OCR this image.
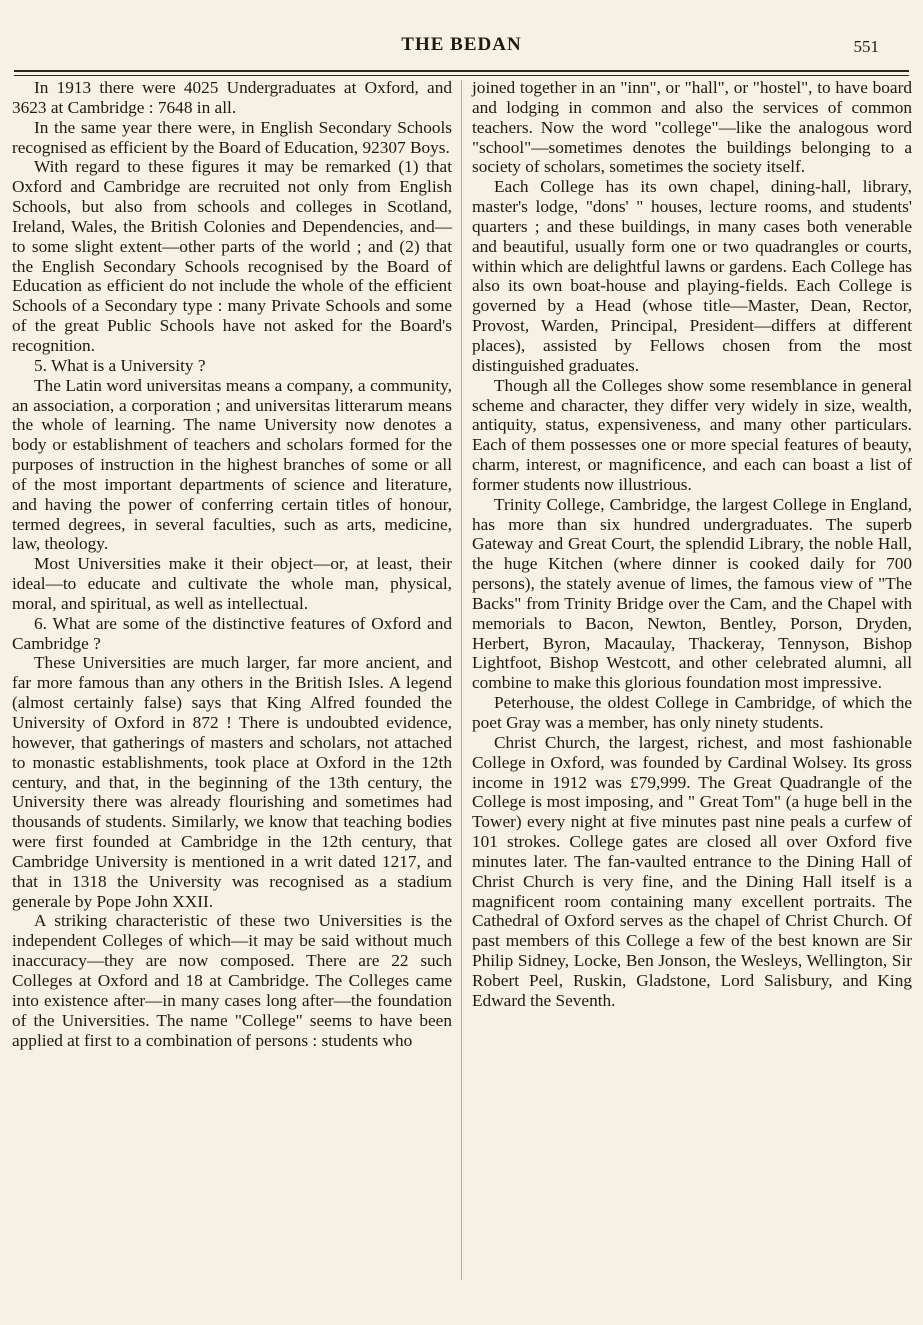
THE BEDAN	551

In 1913 there were 4025 Undergraduates at Oxford, and 3623 at Cambridge : 7648 in all.

In the same year there were, in English Secondary Schools recognised as efficient by the Board of Education, 92307 Boys.

With regard to these figures it may be remarked (1) that Oxford and Cambridge are recruited not only from English Schools, but also from schools and colleges in Scotland, Ireland, Wales, the British Colonies and Dependencies, and—to some slight extent—other parts of the world ; and (2) that the English Secondary Schools recognised by the Board of Education as efficient do not include the whole of the efficient Schools of a Secondary type : many Private Schools and some of the great Public Schools have not asked for the Board's recognition.

5. What is a University ?

The Latin word universitas means a company, a community, an association, a corporation ; and universitas litterarum means the whole of learning. The name University now denotes a body or establishment of teachers and scholars formed for the purposes of instruction in the highest branches of some or all of the most important departments of science and literature, and having the power of conferring certain titles of honour, termed degrees, in several faculties, such as arts, medicine, law, theology.

Most Universities make it their object—or, at least, their ideal—to educate and cultivate the whole man, physical, moral, and spiritual, as well as intellectual.

6. What are some of the distinctive features of Oxford and Cambridge ?

These Universities are much larger, far more ancient, and far more famous than any others in the British Isles. A legend (almost certainly false) says that King Alfred founded the University of Oxford in 872 ! There is undoubted evidence, however, that gatherings of masters and scholars, not attached to monastic establishments, took place at Oxford in the 12th century, and that, in the beginning of the 13th century, the University there was already flourishing and sometimes had thousands of students. Similarly, we know that teaching bodies were first founded at Cambridge in the 12th century, that Cambridge University is mentioned in a writ dated 1217, and that in 1318 the University was recognised as a stadium generale by Pope John XXII.

A striking characteristic of these two Universities is the independent Colleges of which—it may be said without much inaccuracy—they are now composed. There are 22 such Colleges at Oxford and 18 at Cambridge. The Colleges came into existence after—in many cases long after—the foundation of the Universities. The name "College" seems to have been applied at first to a combination of persons : students who

joined together in an "inn", or "hall", or "hostel", to have board and lodging in common and also the services of common teachers. Now the word "college"—like the analogous word "school"—sometimes denotes the buildings belonging to a society of scholars, sometimes the society itself.

Each College has its own chapel, dining-hall, library, master's lodge, "dons' " houses, lecture rooms, and students' quarters ; and these buildings, in many cases both venerable and beautiful, usually form one or two quadrangles or courts, within which are delightful lawns or gardens. Each College has also its own boat-house and playing-fields. Each College is governed by a Head (whose title—Master, Dean, Rector, Provost, Warden, Principal, President—differs at different places), assisted by Fellows chosen from the most distinguished graduates.

Though all the Colleges show some resemblance in general scheme and character, they differ very widely in size, wealth, antiquity, status, expensiveness, and many other particulars. Each of them possesses one or more special features of beauty, charm, interest, or magnificence, and each can boast a list of former students now illustrious.

Trinity College, Cambridge, the largest College in England, has more than six hundred undergraduates. The superb Gateway and Great Court, the splendid Library, the noble Hall, the huge Kitchen (where dinner is cooked daily for 700 persons), the stately avenue of limes, the famous view of "The Backs" from Trinity Bridge over the Cam, and the Chapel with memorials to Bacon, Newton, Bentley, Porson, Dryden, Herbert, Byron, Macaulay, Thackeray, Tennyson, Bishop Lightfoot, Bishop Westcott, and other celebrated alumni, all combine to make this glorious foundation most impressive.

Peterhouse, the oldest College in Cambridge, of which the poet Gray was a member, has only ninety students.

Christ Church, the largest, richest, and most fashionable College in Oxford, was founded by Cardinal Wolsey. Its gross income in 1912 was £79,999. The Great Quadrangle of the College is most imposing, and " Great Tom" (a huge bell in the Tower) every night at five minutes past nine peals a curfew of 101 strokes. College gates are closed all over Oxford five minutes later. The fan-vaulted entrance to the Dining Hall of Christ Church is very fine, and the Dining Hall itself is a magnificent room containing many excellent portraits. The Cathedral of Oxford serves as the chapel of Christ Church. Of past members of this College a few of the best known are Sir Philip Sidney, Locke, Ben Jonson, the Wesleys, Wellington, Sir Robert Peel, Ruskin, Gladstone, Lord Salisbury, and King Edward the Seventh.
